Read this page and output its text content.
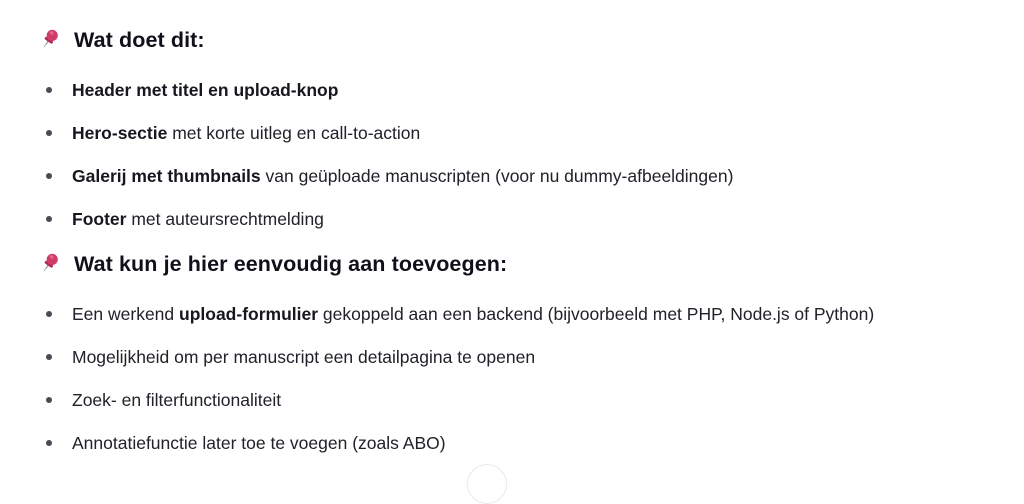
Wat doet dit:
Header met titel en upload-knop
Hero-sectie met korte uitleg en call-to-action
Galerij met thumbnails van geüploade manuscripten (voor nu dummy-afbeeldingen)
Footer met auteursrechtmelding
Wat kun je hier eenvoudig aan toevoegen:
Een werkend upload-formulier gekoppeld aan een backend (bijvoorbeeld met PHP, Node.js of Python)
Mogelijkheid om per manuscript een detailpagina te openen
Zoek- en filterfunctionaliteit
Annotatiefunctie later toe te voegen (zoals ABO)
